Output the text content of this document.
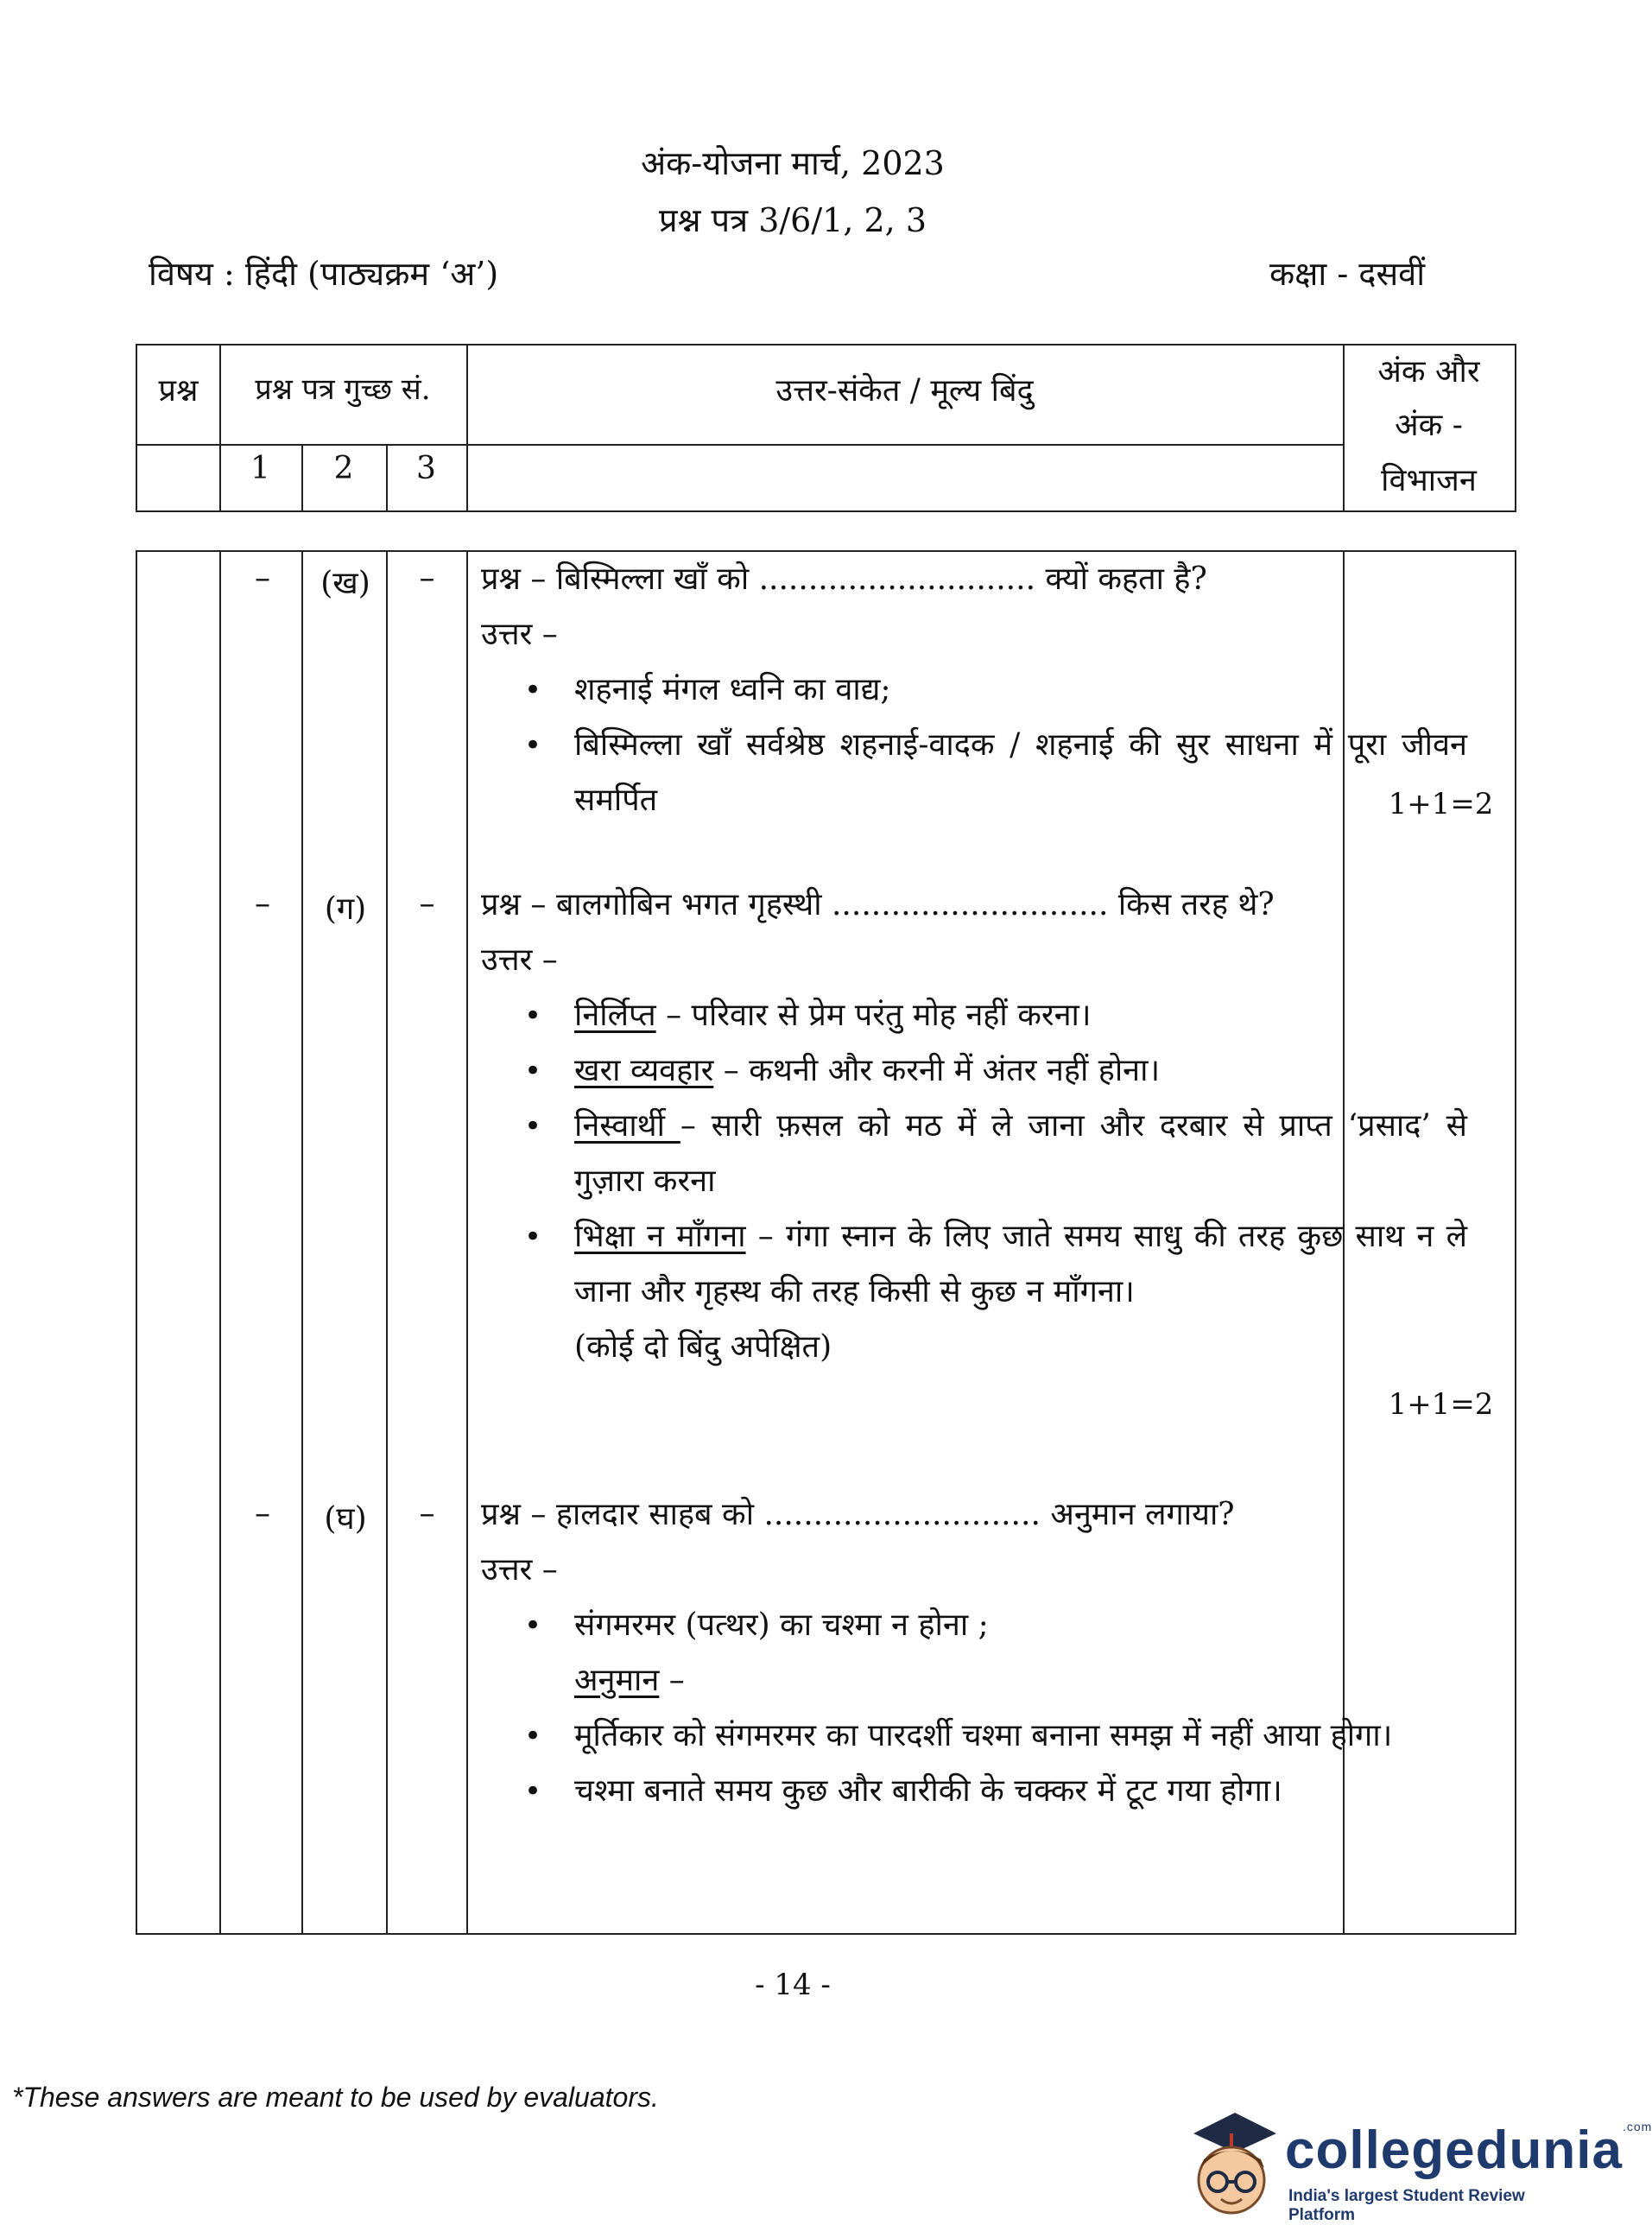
अंक-योजना मार्च, 2023
प्रश्न पत्र 3/6/1, 2, 3
विषय : हिंदी (पाठ्यक्रम ‘अ’)	कक्षा - दसवीं
प्रश्न	प्रश्न पत्र गुच्छ सं.
1	2	3
उत्तर-संकेत / मूल्य बिंदु
अंक और
अंक -
विभाजन
–	(ख)	–	प्रश्न – बिस्मिल्ला खाँ को ............................ क्यों कहता है?
उत्तर –
• शहनाई मंगल ध्वनि का वाद्य;
• बिस्मिल्ला खाँ सर्वश्रेष्ठ शहनाई-वादक / शहनाई की सुर साधना में पूरा जीवन समर्पित	1+1=2
–	(ग)	–	प्रश्न – बालगोबिन भगत गृहस्थी ............................ किस तरह थे?
उत्तर –
• निर्लिप्त – परिवार से प्रेम परंतु मोह नहीं करना।
• खरा व्यवहार – कथनी और करनी में अंतर नहीं होना।
• निस्वार्थी – सारी फ़सल को मठ में ले जाना और दरबार से प्राप्त ‘प्रसाद’ से गुज़ारा करना
• भिक्षा न माँगना – गंगा स्नान के लिए जाते समय साधु की तरह कुछ साथ न ले जाना और गृहस्थ की तरह किसी से कुछ न माँगना।
(कोई दो बिंदु अपेक्षित)
1+1=2
–	(घ)	–	प्रश्न – हालदार साहब को ............................ अनुमान लगाया?
उत्तर –
• संगमरमर (पत्थर) का चश्मा न होना ;
अनुमान –
• मूर्तिकार को संगमरमर का पारदर्शी चश्मा बनाना समझ में नहीं आया होगा।
• चश्मा बनाते समय कुछ और बारीकी के चक्कर में टूट गया होगा।
- 14 -
*These answers are meant to be used by evaluators.
collegedunia$^{.com}$
India's largest Student Review Platform
